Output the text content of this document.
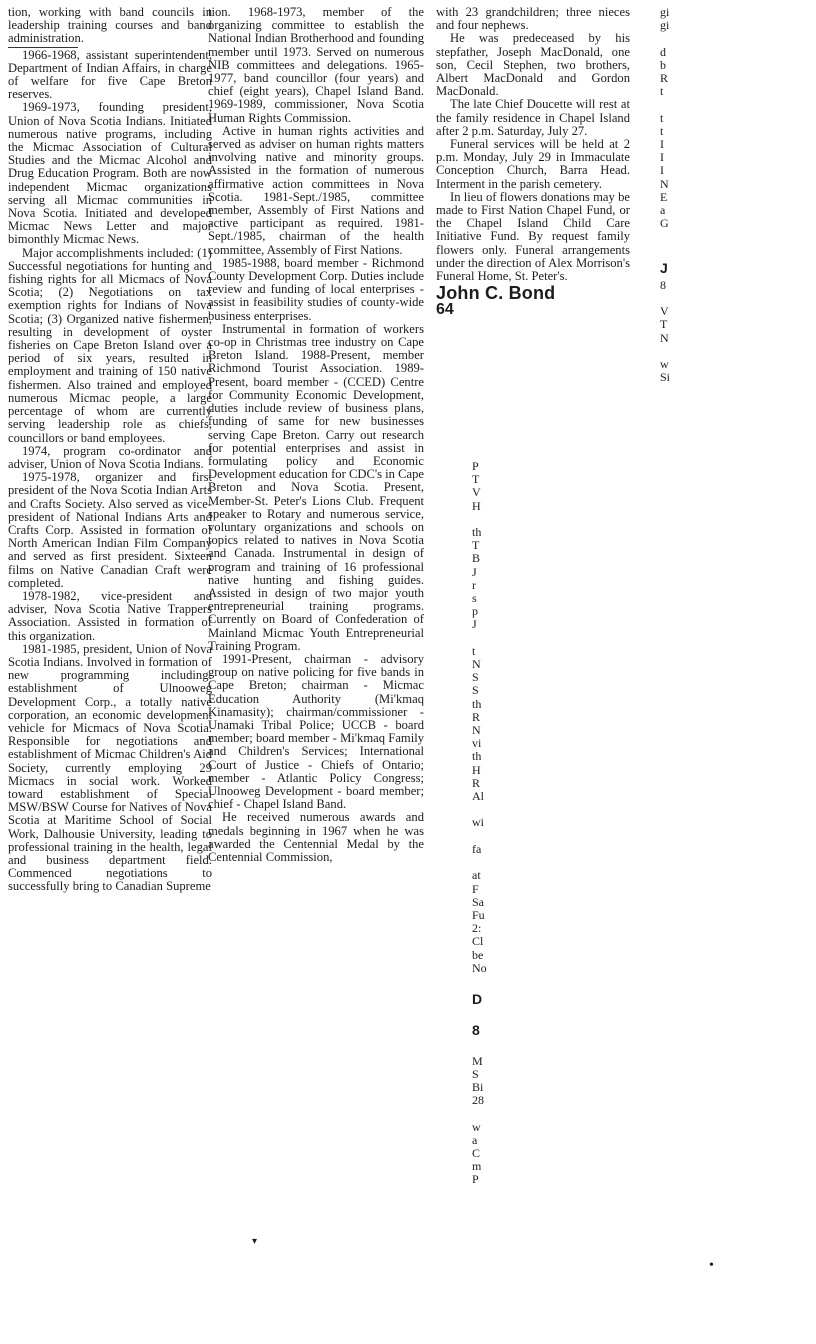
tion, working with band councils in leadership training courses and band administration.

1966-1968, assistant superintendent, Department of Indian Affairs, in charge of welfare for five Cape Breton reserves.

1969-1973, founding president, Union of Nova Scotia Indians. Initiated numerous native programs, including the Micmac Association of Cultural Studies and the Micmac Alcohol and Drug Education Program. Both are now independent Micmac organizations serving all Micmac communities in Nova Scotia. Initiated and developed Micmac News Letter and major bimonthly Micmac News.

Major accomplishments included: (1) Successful negotiations for hunting and fishing rights for all Micmacs of Nova Scotia; (2) Negotiations on tax exemption rights for Indians of Nova Scotia; (3) Organized native fishermen, resulting in development of oyster fisheries on Cape Breton Island over a period of six years, resulted in employment and training of 150 native fishermen. Also trained and employed numerous Micmac people, a large percentage of whom are currently serving leadership role as chiefs, councillors or band employees.

1974, program co-ordinator and adviser, Union of Nova Scotia Indians.

1975-1978, organizer and first president of the Nova Scotia Indian Arts and Crafts Society. Also served as vice-president of National Indians Arts and Crafts Corp. Assisted in formation of North American Indian Film Company and served as first president. Sixteen films on Native Canadian Craft were completed.

1978-1982, vice-president and adviser, Nova Scotia Native Trappers Association. Assisted in formation of this organization.

1981-1985, president, Union of Nova Scotia Indians. Involved in formation of new programming including: establishment of Ulnooweg Development Corp., a totally native corporation, an economic development vehicle for Micmacs of Nova Scotia. Responsible for negotiations and establishment of Micmac Children's Aid Society, currently employing 29 Micmacs in social work. Worked toward establishment of Special MSW/BSW Course for Natives of Nova Scotia at Maritime School of Social Work, Dalhousie University, leading to professional training in the health, legal and business department field. Commenced negotiations to successfully bring to Canadian Supreme

tion. 1968-1973, member of the organizing committee to establish the National Indian Brotherhood and founding member until 1973. Served on numerous NIB committees and delegations. 1965-1977, band councillor (four years) and chief (eight years), Chapel Island Band. 1969-1989, commissioner, Nova Scotia Human Rights Commission.

Active in human rights activities and served as adviser on human rights matters involving native and minority groups. Assisted in the formation of numerous affirmative action committees in Nova Scotia. 1981-Sept./1985, committee member, Assembly of First Nations and active participant as required. 1981-Sept./1985, chairman of the health committee, Assembly of First Nations.

1985-1988, board member - Richmond County Development Corp. Duties include review and funding of local enterprises - assist in feasibility studies of county-wide business enterprises.

Instrumental in formation of workers co-op in Christmas tree industry on Cape Breton Island. 1988-Present, member Richmond Tourist Association. 1989-Present, board member - (CCED) Centre for Community Economic Development, duties include review of business plans, funding of same for new businesses serving Cape Breton. Carry out research for potential enterprises and assist in formulating policy and Economic Development education for CDC's in Cape Breton and Nova Scotia. Present, Member-St. Peter's Lions Club. Frequent speaker to Rotary and numerous service, voluntary organizations and schools on topics related to natives in Nova Scotia and Canada. Instrumental in design of program and training of 16 professional native hunting and fishing guides. Assisted in design of two major youth entrepreneurial training programs. Currently on Board of Confederation of Mainland Micmac Youth Entrepreneurial Training Program.

1991-Present, chairman - advisory group on native policing for five bands in Cape Breton; chairman - Micmac Education Authority (Mi'kmaq Kinamasity); chairman/commissioner - Unamaki Tribal Police; UCCB - board member; board member - Mi'kmaq Family and Children's Services; International Court of Justice - Chiefs of Ontario; member - Atlantic Policy Congress; Ulnooweg Development - board member; chief - Chapel Island Band.

He received numerous awards and medals beginning in 1967 when he was awarded the Centennial Medal by the Centennial Commission,

with 23 grandchildren; three nieces and four nephews.

He was predeceased by his stepfather, Joseph MacDonald, one son, Cecil Stephen, two brothers, Albert MacDonald and Gordon MacDonald.

The late Chief Doucette will rest at the family residence in Chapel Island after 2 p.m. Saturday, July 27.

Funeral services will be held at 2 p.m. Monday, July 29 in Immaculate Conception Church, Barra Head. Interment in the parish cemetery.

In lieu of flowers donations may be made to First Nation Chapel Fund, or the Chapel Island Child Care Initiative Fund. By request family flowers only. Funeral arrangements under the direction of Alex Morrison's Funeral Home, St. Peter's.

John C. Bond

64

P

T

V

H

th

T

B

J

r

s

p

J

t

N

S

S

th

R

N

vi

th

H

R

Al

wi

fa

at

F

Sa

Fu

2:

Cl

be

No

D

8

M

S

Bi

28

w

a

C

m

P

gi

gi

d

b

R

t

t

t

I

I

I

N

E

a

G

J

8

V

T

N

w

Si

•
▾
